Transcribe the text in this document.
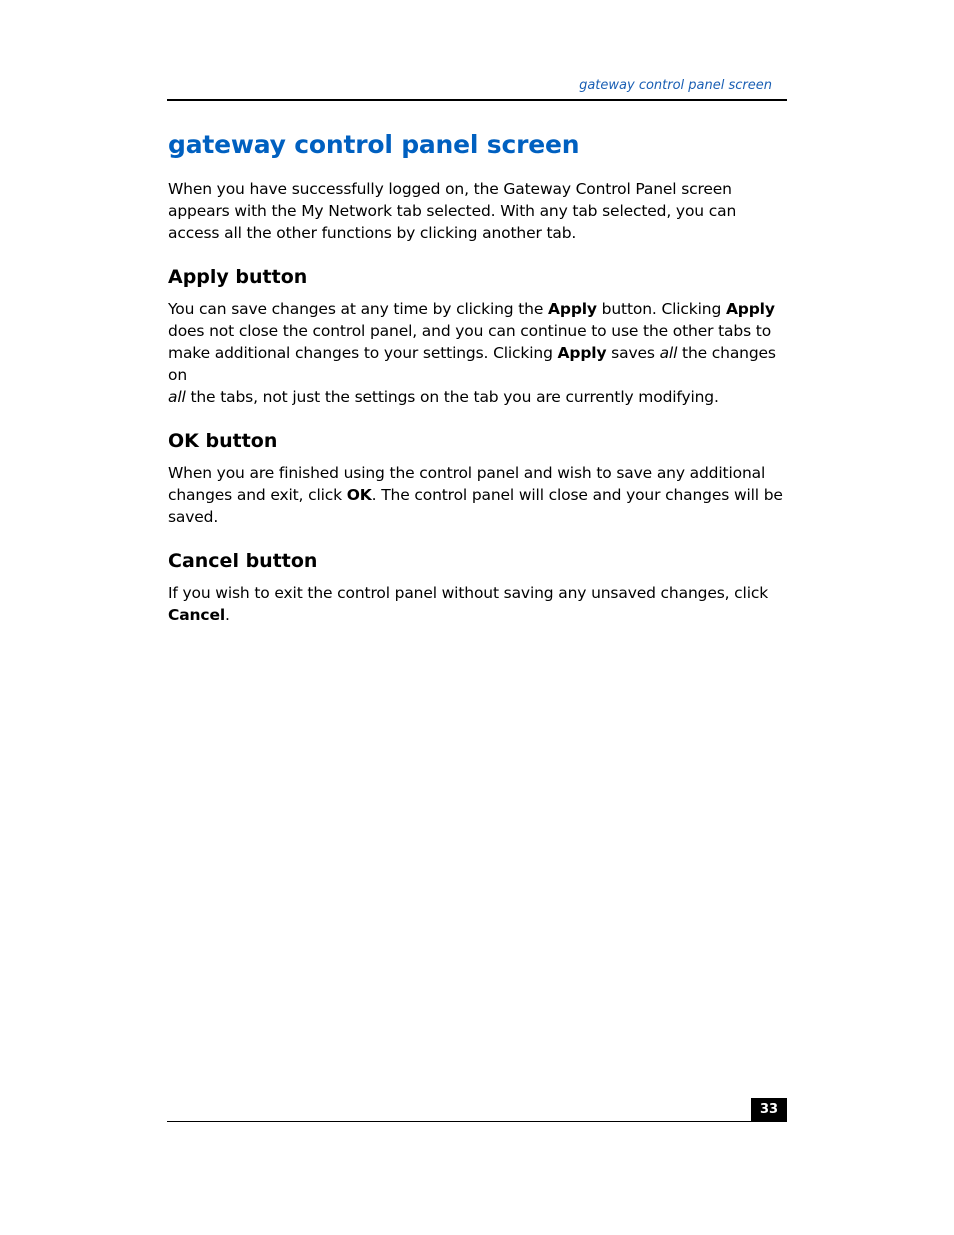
gateway control panel screen
gateway control panel screen

When you have successfully logged on, the Gateway Control Panel screen appears with the My Network tab selected. With any tab selected, you can access all the other functions by clicking another tab.

Apply button

You can save changes at any time by clicking the Apply button. Clicking Apply does not close the control panel, and you can continue to use the other tabs to make additional changes to your settings. Clicking Apply saves all the changes on
all the tabs, not just the settings on the tab you are currently modifying.

OK button

When you are finished using the control panel and wish to save any additional changes and exit, click OK. The control panel will close and your changes will be saved.

Cancel button

If you wish to exit the control panel without saving any unsaved changes, click
Cancel.

33
